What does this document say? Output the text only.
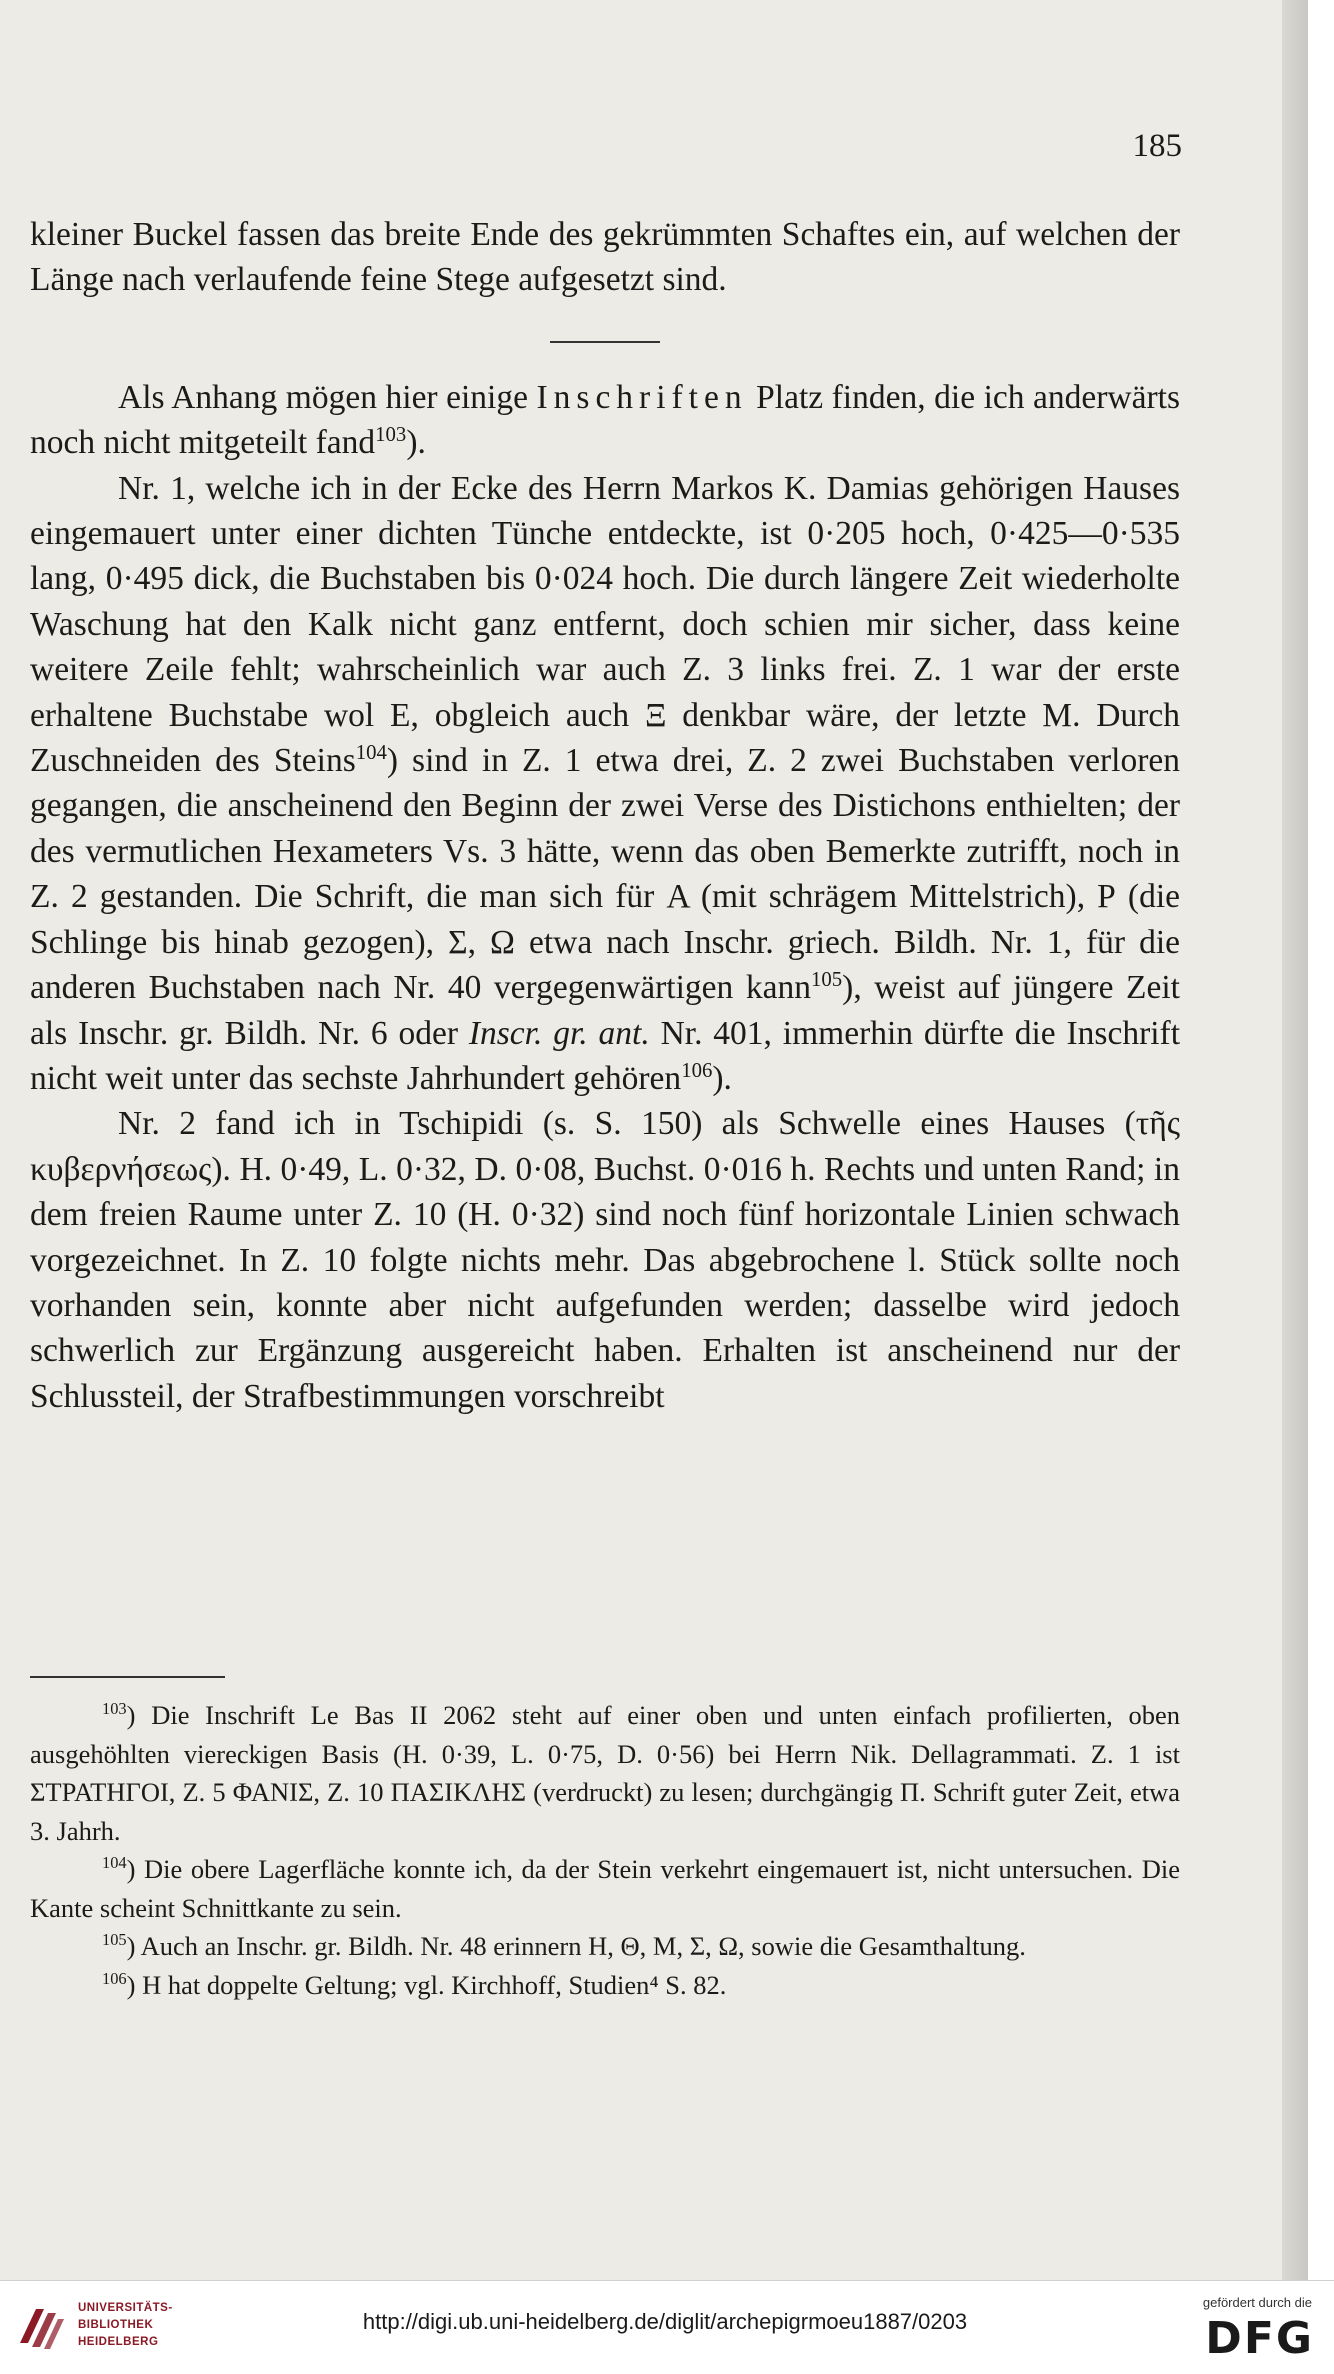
185

kleiner Buckel fassen das breite Ende des gekrümmten Schaftes ein, auf welchen der Länge nach verlaufende feine Stege aufgesetzt sind.

Als Anhang mögen hier einige Inschriften Platz finden, die ich anderwärts noch nicht mitgeteilt fand$^{103}$).

Nr. 1, welche ich in der Ecke des Herrn Markos K. Damias gehörigen Hauses eingemauert unter einer dichten Tünche entdeckte, ist 0·205 hoch, 0·425—0·535 lang, 0·495 dick, die Buchstaben bis 0·024 hoch. Die durch längere Zeit wiederholte Waschung hat den Kalk nicht ganz entfernt, doch schien mir sicher, dass keine weitere Zeile fehlt; wahrscheinlich war auch Z. 3 links frei. Z. 1 war der erste erhaltene Buchstabe wol Ε, obgleich auch Ξ denkbar wäre, der letzte Μ. Durch Zuschneiden des Steins$^{104}$) sind in Z. 1 etwa drei, Z. 2 zwei Buchstaben verloren gegangen, die anscheinend den Beginn der zwei Verse des Distichons enthielten; der des vermutlichen Hexameters Vs. 3 hätte, wenn das oben Bemerkte zutrifft, noch in Z. 2 gestanden. Die Schrift, die man sich für Α (mit schrägem Mittelstrich), Ρ (die Schlinge bis hinab gezogen), Σ, Ω etwa nach Inschr. griech. Bildh. Nr. 1, für die anderen Buchstaben nach Nr. 40 vergegenwärtigen kann$^{105}$), weist auf jüngere Zeit als Inschr. gr. Bildh. Nr. 6 oder Inscr. gr. ant. Nr. 401, immerhin dürfte die Inschrift nicht weit unter das sechste Jahrhundert gehören$^{106}$).

Nr. 2 fand ich in Tschipidi (s. S. 150) als Schwelle eines Hauses (τῆς κυβερνήσεως). H. 0·49, L. 0·32, D. 0·08, Buchst. 0·016 h. Rechts und unten Rand; in dem freien Raume unter Z. 10 (H. 0·32) sind noch fünf horizontale Linien schwach vorgezeichnet. In Z. 10 folgte nichts mehr. Das abgebrochene l. Stück sollte noch vorhanden sein, konnte aber nicht aufgefunden werden; dasselbe wird jedoch schwerlich zur Ergänzung ausgereicht haben. Erhalten ist anscheinend nur der Schlussteil, der Strafbestimmungen vorschreibt

$^{103}$) Die Inschrift Le Bas II 2062 steht auf einer oben und unten einfach profilierten, oben ausgehöhlten viereckigen Basis (H. 0·39, L. 0·75, D. 0·56) bei Herrn Nik. Dellagrammati. Z. 1 ist ΣΤΡΑΤΗΓΟΙ, Z. 5 ΦΑΝΙΣ, Z. 10 ΠΑΣΙΚΛΗΣ (verdruckt) zu lesen; durchgängig Π. Schrift guter Zeit, etwa 3. Jahrh.

$^{104}$) Die obere Lagerfläche konnte ich, da der Stein verkehrt eingemauert ist, nicht untersuchen. Die Kante scheint Schnittkante zu sein.

$^{105}$) Auch an Inschr. gr. Bildh. Nr. 48 erinnern Η, Θ, Μ, Σ, Ω, sowie die Gesamthaltung.

$^{106}$) Η hat doppelte Geltung; vgl. Kirchhoff, Studien⁴ S. 82.

UNIVERSITÄTS-
BIBLIOTHEK
HEIDELBERG
http://digi.ub.uni-heidelberg.de/diglit/archepigrmoeu1887/0203
gefördert durch die
DFG
